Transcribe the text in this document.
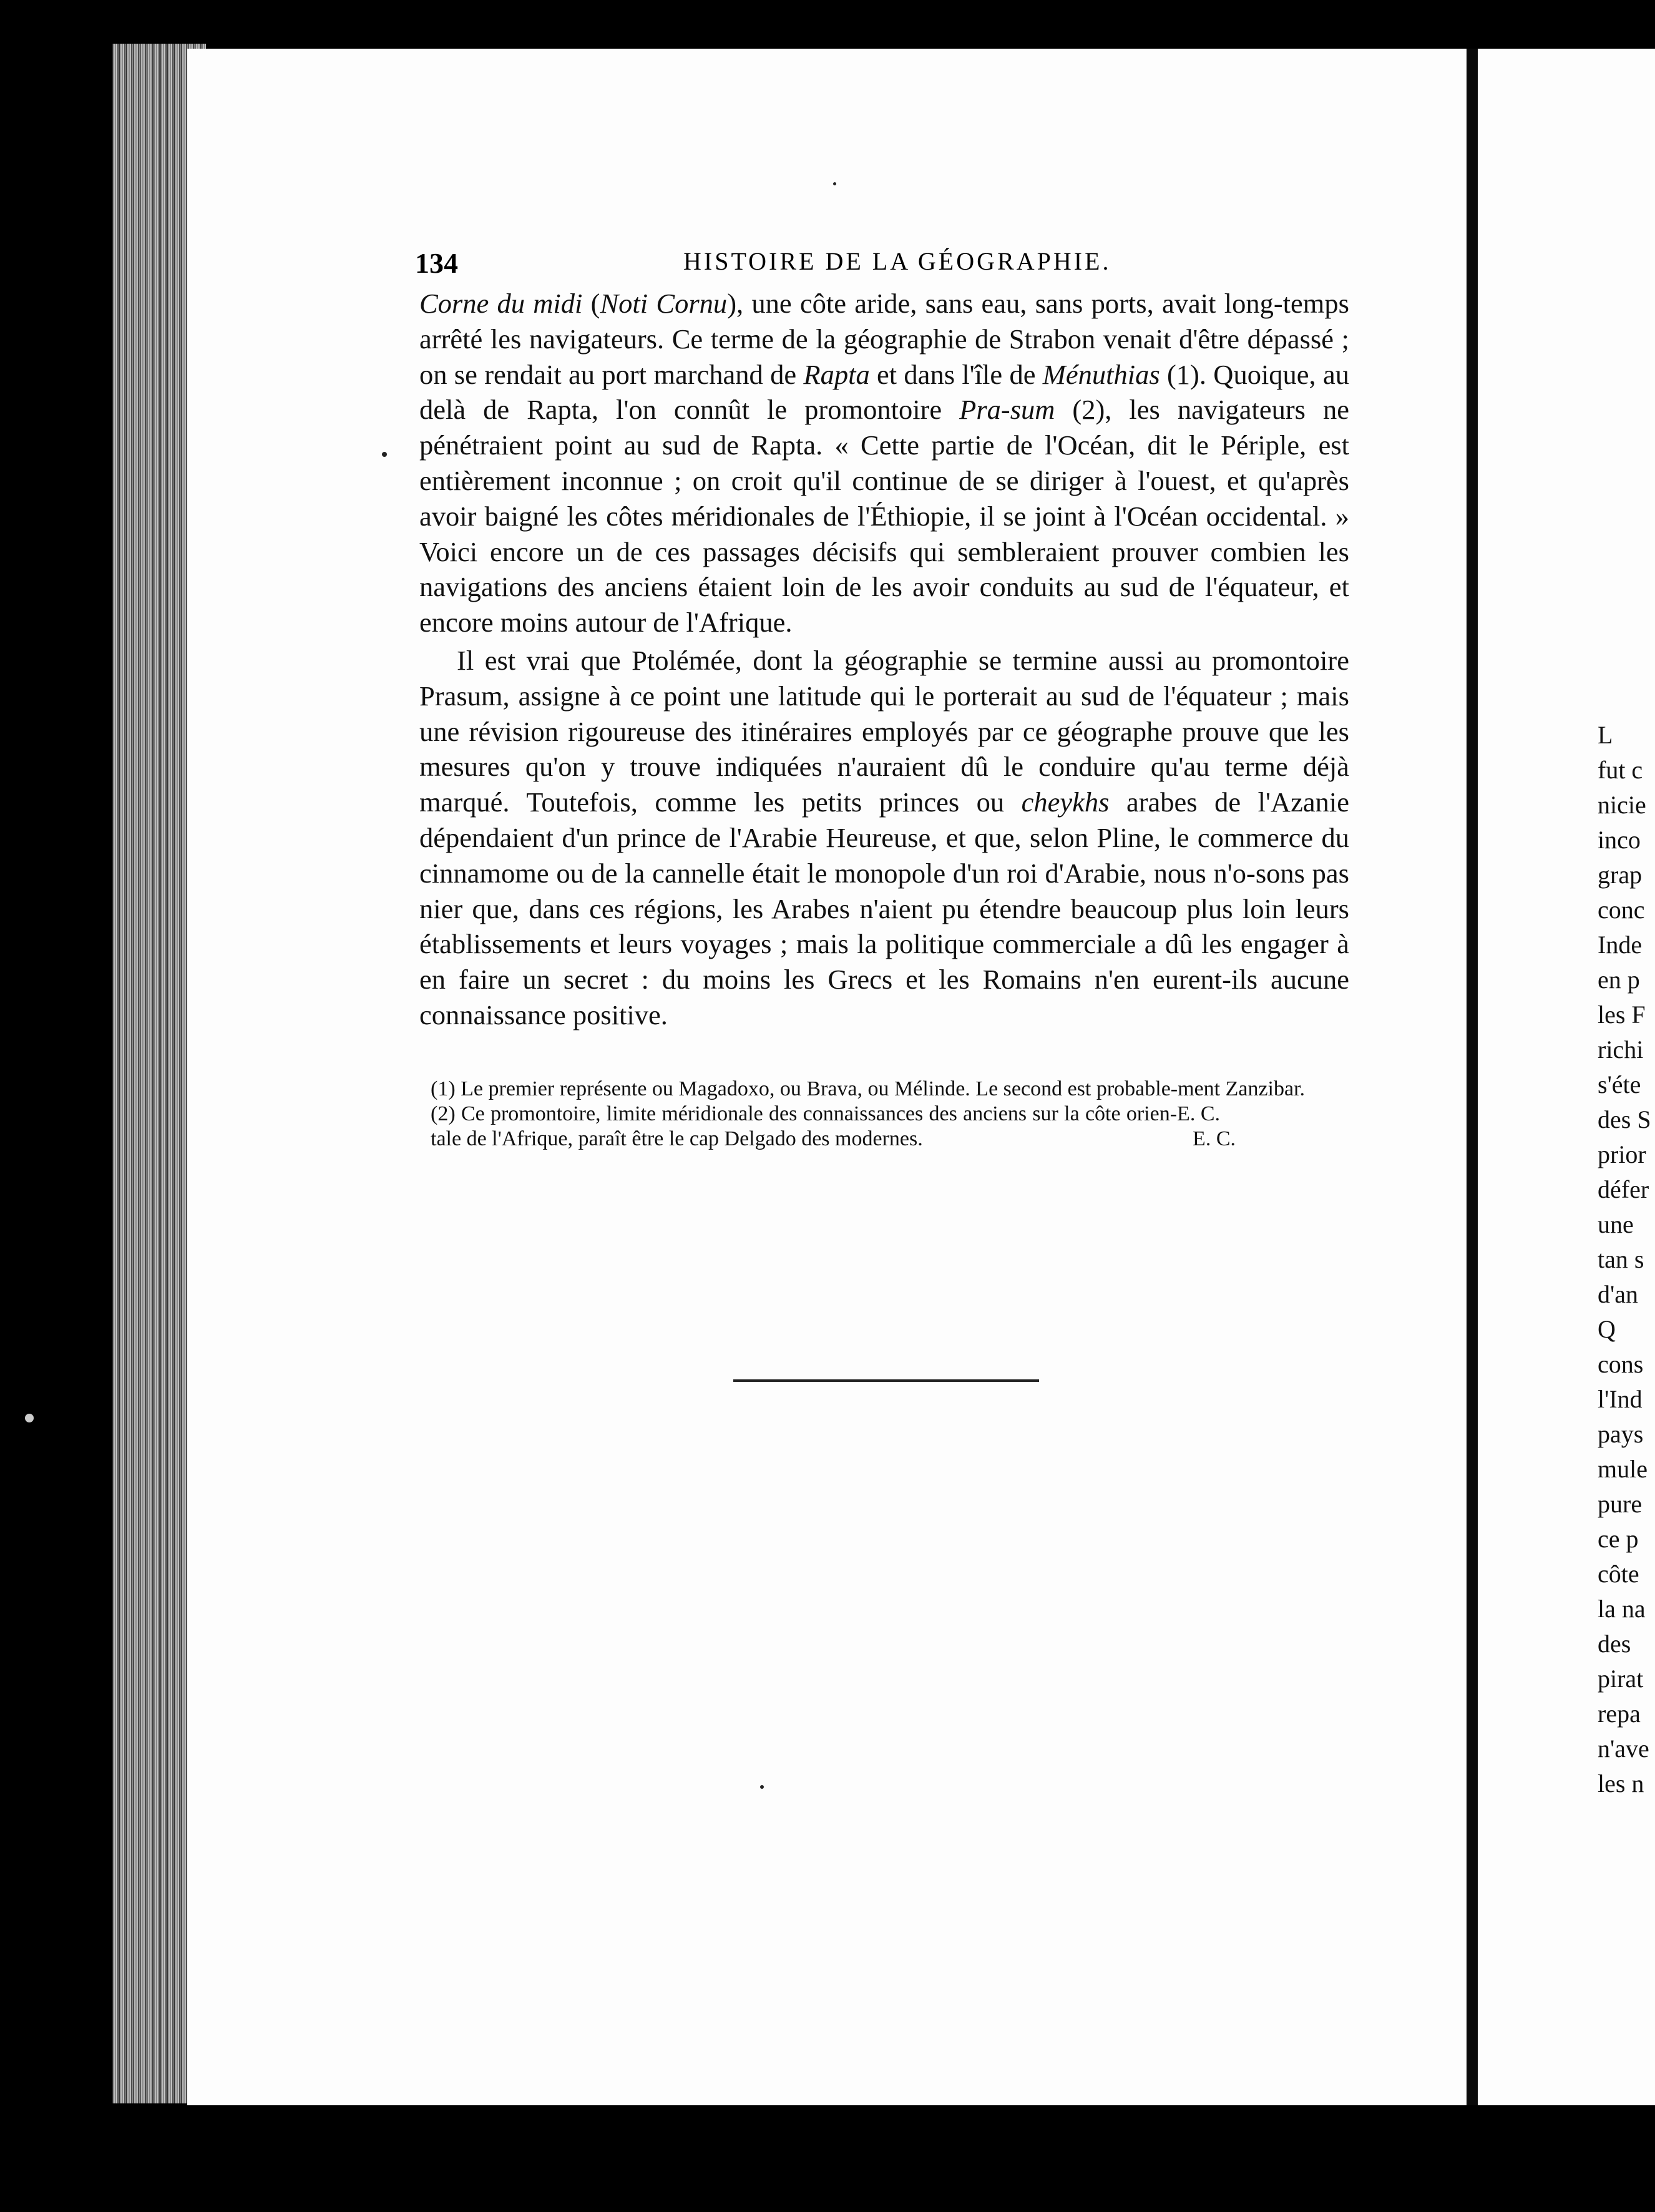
134	HISTOIRE DE LA GÉOGRAPHIE.

Corne du midi (Noti Cornu), une côte aride, sans eau, sans ports, avait long-temps arrêté les navigateurs. Ce terme de la géographie de Strabon venait d'être dépassé ; on se rendait au port marchand de Rapta et dans l'île de Ménuthias (1). Quoique, au delà de Rapta, l'on connût le promontoire Pra-sum (2), les navigateurs ne pénétraient point au sud de Rapta. « Cette partie de l'Océan, dit le Périple, est entièrement inconnue ; on croit qu'il continue de se diriger à l'ouest, et qu'après avoir baigné les côtes méridionales de l'Éthiopie, il se joint à l'Océan occidental. » Voici encore un de ces passages décisifs qui sembleraient prouver combien les navigations des anciens étaient loin de les avoir conduits au sud de l'équateur, et encore moins autour de l'Afrique.

Il est vrai que Ptolémée, dont la géographie se termine aussi au promontoire Prasum, assigne à ce point une latitude qui le porterait au sud de l'équateur ; mais une révision rigoureuse des itinéraires employés par ce géographe prouve que les mesures qu'on y trouve indiquées n'auraient dû le conduire qu'au terme déjà marqué. Toutefois, comme les petits princes ou cheykhs arabes de l'Azanie dépendaient d'un prince de l'Arabie Heureuse, et que, selon Pline, le commerce du cinnamome ou de la cannelle était le monopole d'un roi d'Arabie, nous n'o-sons pas nier que, dans ces régions, les Arabes n'aient pu étendre beaucoup plus loin leurs établissements et leurs voyages ; mais la politique commerciale a dû les engager à en faire un secret : du moins les Grecs et les Romains n'en eurent-ils aucune connaissance positive.

(1) Le premier représente ou Magadoxo, ou Brava, ou Mélinde. Le second est probable-ment Zanzibar.
E. C.

(2) Ce promontoire, limite méridionale des connaissances des anciens sur la côte orien-tale de l'Afrique, paraît être le cap Delgado des modernes.	E. C.

L
fut c
nicie
inco
grap
conc
Inde
en p
les F
richi
s'éte
des S
prior
défer
une
tan s
d'an
Q
cons
l'Ind
pays
mule
pure
ce p
côte
la na
des
pirat
repa
n'ave
les n
